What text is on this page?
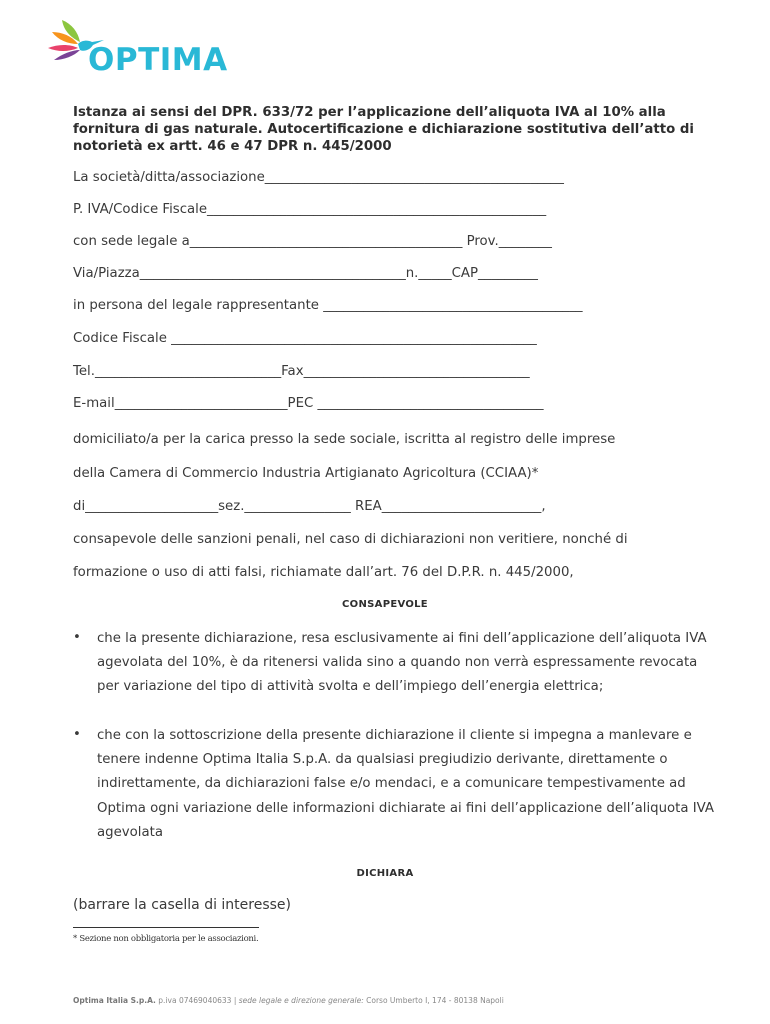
OPTIMA
Istanza ai sensi del DPR. 633/72 per l’applicazione dell’aliquota IVA al 10% alla fornitura di gas naturale. Autocertificazione e dichiarazione sostitutiva dell’atto di notorietà ex artt. 46 e 47 DPR n. 445/2000
La società/ditta/associazione_____________________________________________
P. IVA/Codice Fiscale___________________________________________________
con sede legale a_________________________________________ Prov.________
Via/Piazza________________________________________n._____CAP_________
in persona del legale rappresentante _______________________________________
Codice Fiscale _______________________________________________________
Tel.____________________________Fax__________________________________
E-mail__________________________PEC __________________________________
domiciliato/a per la carica presso la sede sociale, iscritta al registro delle imprese
della Camera di Commercio Industria Artigianato Agricoltura (CCIAA)*
di____________________sez.________________ REA________________________,
consapevole delle sanzioni penali, nel caso di dichiarazioni non veritiere, nonché di
formazione o uso di atti falsi, richiamate dall’art. 76 del D.P.R. n. 445/2000,
CONSAPEVOLE
• che la presente dichiarazione, resa esclusivamente ai fini dell’applicazione dell’aliquota IVA agevolata del 10%, è da ritenersi valida sino a quando non verrà espressamente revocata per variazione del tipo di attività svolta e dell’impiego dell’energia elettrica;
• che con la sottoscrizione della presente dichiarazione il cliente si impegna a manlevare e tenere indenne Optima Italia S.p.A. da qualsiasi pregiudizio derivante, direttamente o indirettamente, da dichiarazioni false e/o mendaci, e a comunicare tempestivamente ad Optima ogni variazione delle informazioni dichiarate ai fini dell’applicazione dell’aliquota IVA agevolata
DICHIARA
(barrare la casella di interesse)
* Sezione non obbligatoria per le associazioni.
Optima Italia S.p.A. p.iva 07469040633 | sede legale e direzione generale: Corso Umberto I, 174 - 80138 Napoli
